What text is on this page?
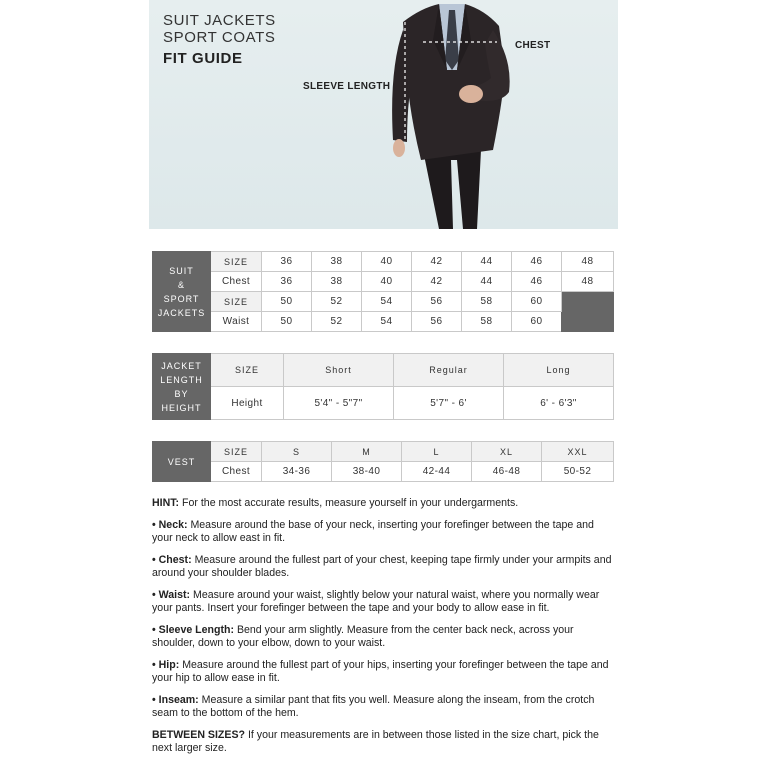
SUIT JACKETS
SPORT COATS
FIT GUIDE
SLEEVE LENGTH
CHEST
SUIT
&
SPORT
JACKETS	SIZE	36	38	40	42	44	46	48
	Chest	36	38	40	42	44	46	48
	SIZE	50	52	54	56	58	60	
	Waist	50	52	54	56	58	60	
JACKET
LENGTH
BY
HEIGHT	SIZE	Short	Regular	Long
	Height	5'4" - 5"7"	5'7" - 6'	6' - 6'3"
VEST	SIZE	S	M	L	XL	XXL
	Chest	34-36	38-40	42-44	46-48	50-52

HINT: For the most accurate results, measure yourself in your undergarments.

• Neck: Measure around the base of your neck, inserting your forefinger between the tape and your neck to allow east in fit.

• Chest: Measure around the fullest part of your chest, keeping tape firmly under your armpits and around your shoulder blades.

• Waist: Measure around your waist, slightly below your natural waist, where you normally wear your pants. Insert your forefinger between the tape and your body to allow ease in fit.

• Sleeve Length: Bend your arm slightly. Measure from the center back neck, across your shoulder, down to your elbow, down to your waist.

• Hip: Measure around the fullest part of your hips, inserting your forefinger between the tape and your hip to allow ease in fit.

• Inseam: Measure a similar pant that fits you well. Measure along the inseam, from the crotch seam to the bottom of the hem.

BETWEEN SIZES? If your measurements are in between those listed in the size chart, pick the next larger size.
